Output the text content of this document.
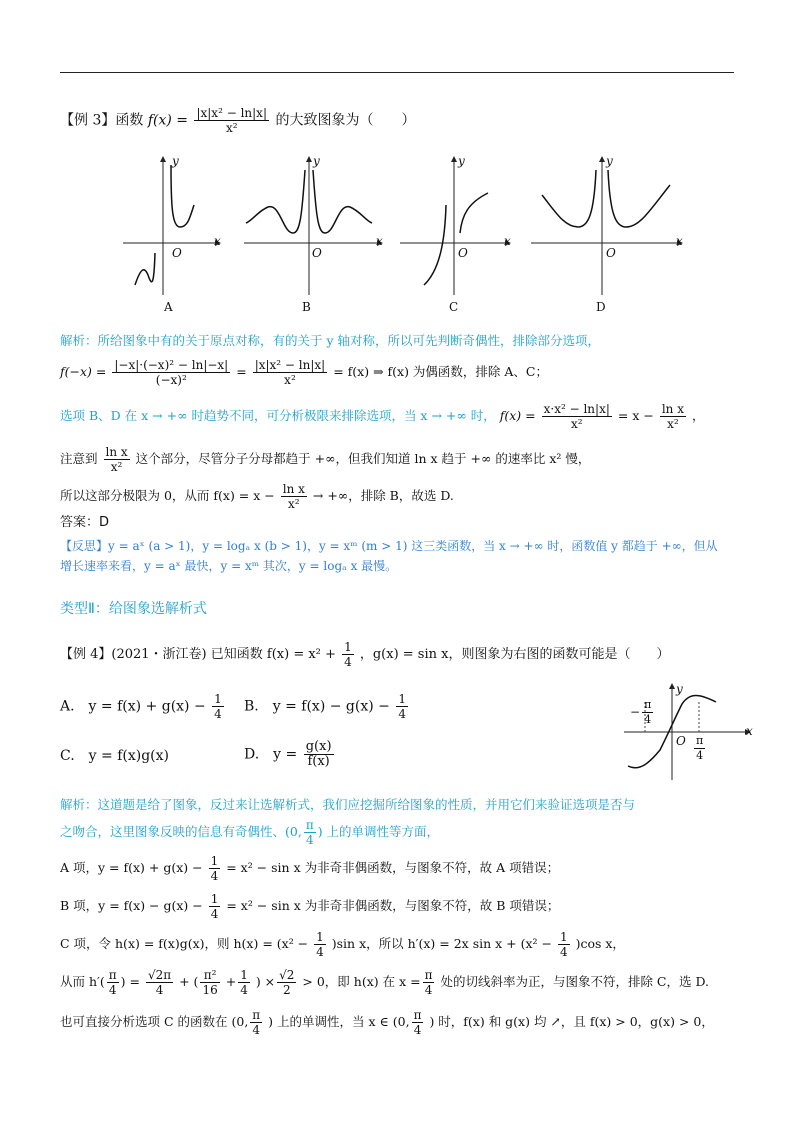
【例 3】函数 $f(x) = \frac{\text{|x|x² − ln|x|}}{\text{x²}}$ 的大致图象为（　　）
y
x
O
A
y
x
O
B
y
x
O
C
y
x
O
D
解析：所给图象中有的关于原点对称，有的关于 y 轴对称，所以可先判断奇偶性，排除部分选项，
$f(-x) = \frac{\text{|−x|·(−x)² − ln|−x|}}{\text{(−x)²}} = \frac{\text{|x|x² − ln|x|}}{\text{x²}} = f(x)$ ⇒ f(x) 为偶函数，排除 A、C；
选项 B、D 在 x → +∞ 时趋势不同，可分析极限来排除选项，当 x → +∞ 时， $f(x) = \frac{\text{x·x² − ln|x|}}{\text{x²}} = x - \frac{\text{ln x}}{\text{x²}}$ ，
注意到 $\frac{\text{ln x}}{\text{x²}}$ 这个部分，尽管分子分母都趋于 +∞，但我们知道 ln x 趋于 +∞ 的速率比 x² 慢，
所以这部分极限为 0，从而 $f(x) = x - \frac{\text{ln x}}{\text{x²}}$ → +∞，排除 B，故选 D.
答案：D
【反思】y = aˣ (a > 1)，y = logₐ x (b > 1)，y = xᵐ (m > 1) 这三类函数，当 x → +∞ 时，函数值 y 都趋于 +∞，但从
增长速率来看，y = aˣ 最快，y = xᵐ 其次，y = logₐ x 最慢。
类型Ⅱ：给图象选解析式
【例 4】(2021・浙江卷) 已知函数 $f(x) = x^2 + \frac{1}{4}$ ，g(x) = sin x，则图象为右图的函数可能是（　　）
A.　$y = f(x) + g(x) - \frac{1}{4} B$.　$y = f(x) - g(x) - \frac{1}{4}$
C.　y = f(x)g(x)	D.　$y = \frac{g(x)}{f(x)}$
y
x
O
− $\frac{\pi}{4}$
$\frac{\pi}{4}$
解析：这道题是给了图象，反过来让选解析式，我们应挖掘所给图象的性质，并用它们来验证选项是否与
之吻合，这里图象反映的信息有奇偶性、(0, $\frac{\pi}{4}$ ) 上的单调性等方面，
A 项，$y = f(x) + g(x) - \frac{1}{4} = x^2 - \sin x$ 为非奇非偶函数，与图象不符，故 A 项错误；
B 项，$y = f(x) - g(x) - \frac{1}{4} = x^2 - \sin x$ 为非奇非偶函数，与图象不符，故 B 项错误；
C 项，令 h(x) = f(x)g(x)，则 $h(x) = (x^2 - \frac{1}{4} )\sin$ x，所以 h′(x) = 2x $\sin x + (x^2 - \frac{1}{4} )\cos$ x，
从而 $h'( \frac{\pi}{4}$ ) = $\frac{√2\pi}{4}$ + ( $\frac{\text{π²}}{16} + \frac{1}{4}$ ) × $\frac{√2}{2} > 0$，即 h(x) 在 $x = \frac{\pi}{4}$ 处的切线斜率为正，与图象不符，排除 C，选 D.
也可直接分析选项 C 的函数在 (0, $\frac{\pi}{4}$ ) 上的单调性，当 x ∈ (0, $\frac{\pi}{4}$ ) 时，f(x) 和 g(x) 均 ↗，且 f(x) > 0，g(x) > 0，
